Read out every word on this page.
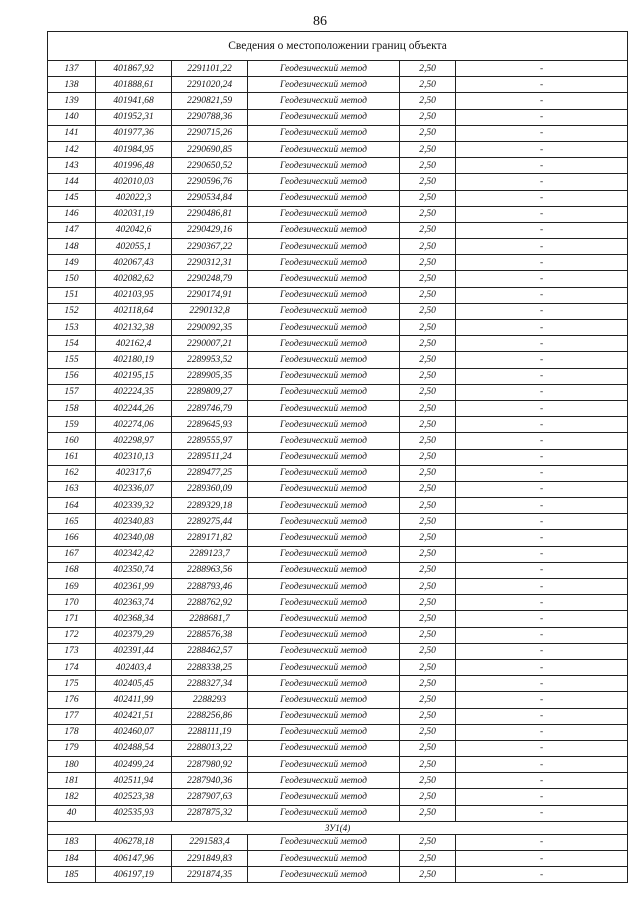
86
Сведения о местоположении границ объекта					
137	401867,92	2291101,22	Геодезический метод	2,50	-
138	401888,61	2291020,24	Геодезический метод	2,50	-
139	401941,68	2290821,59	Геодезический метод	2,50	-
140	401952,31	2290788,36	Геодезический метод	2,50	-
141	401977,36	2290715,26	Геодезический метод	2,50	-
142	401984,95	2290690,85	Геодезический метод	2,50	-
143	401996,48	2290650,52	Геодезический метод	2,50	-
144	402010,03	2290596,76	Геодезический метод	2,50	-
145	402022,3	2290534,84	Геодезический метод	2,50	-
146	402031,19	2290486,81	Геодезический метод	2,50	-
147	402042,6	2290429,16	Геодезический метод	2,50	-
148	402055,1	2290367,22	Геодезический метод	2,50	-
149	402067,43	2290312,31	Геодезический метод	2,50	-
150	402082,62	2290248,79	Геодезический метод	2,50	-
151	402103,95	2290174,91	Геодезический метод	2,50	-
152	402118,64	2290132,8	Геодезический метод	2,50	-
153	402132,38	2290092,35	Геодезический метод	2,50	-
154	402162,4	2290007,21	Геодезический метод	2,50	-
155	402180,19	2289953,52	Геодезический метод	2,50	-
156	402195,15	2289905,35	Геодезический метод	2,50	-
157	402224,35	2289809,27	Геодезический метод	2,50	-
158	402244,26	2289746,79	Геодезический метод	2,50	-
159	402274,06	2289645,93	Геодезический метод	2,50	-
160	402298,97	2289555,97	Геодезический метод	2,50	-
161	402310,13	2289511,24	Геодезический метод	2,50	-
162	402317,6	2289477,25	Геодезический метод	2,50	-
163	402336,07	2289360,09	Геодезический метод	2,50	-
164	402339,32	2289329,18	Геодезический метод	2,50	-
165	402340,83	2289275,44	Геодезический метод	2,50	-
166	402340,08	2289171,82	Геодезический метод	2,50	-
167	402342,42	2289123,7	Геодезический метод	2,50	-
168	402350,74	2288963,56	Геодезический метод	2,50	-
169	402361,99	2288793,46	Геодезический метод	2,50	-
170	402363,74	2288762,92	Геодезический метод	2,50	-
171	402368,34	2288681,7	Геодезический метод	2,50	-
172	402379,29	2288576,38	Геодезический метод	2,50	-
173	402391,44	2288462,57	Геодезический метод	2,50	-
174	402403,4	2288338,25	Геодезический метод	2,50	-
175	402405,45	2288327,34	Геодезический метод	2,50	-
176	402411,99	2288293	Геодезический метод	2,50	-
177	402421,51	2288256,86	Геодезический метод	2,50	-
178	402460,07	2288111,19	Геодезический метод	2,50	-
179	402488,54	2288013,22	Геодезический метод	2,50	-
180	402499,24	2287980,92	Геодезический метод	2,50	-
181	402511,94	2287940,36	Геодезический метод	2,50	-
182	402523,38	2287907,63	Геодезический метод	2,50	-
40	402535,93	2287875,32	Геодезический метод	2,50	-
ЗУ1(4)					
183	406278,18	2291583,4	Геодезический метод	2,50	-
184	406147,96	2291849,83	Геодезический метод	2,50	-
185	406197,19	2291874,35	Геодезический метод	2,50	-
